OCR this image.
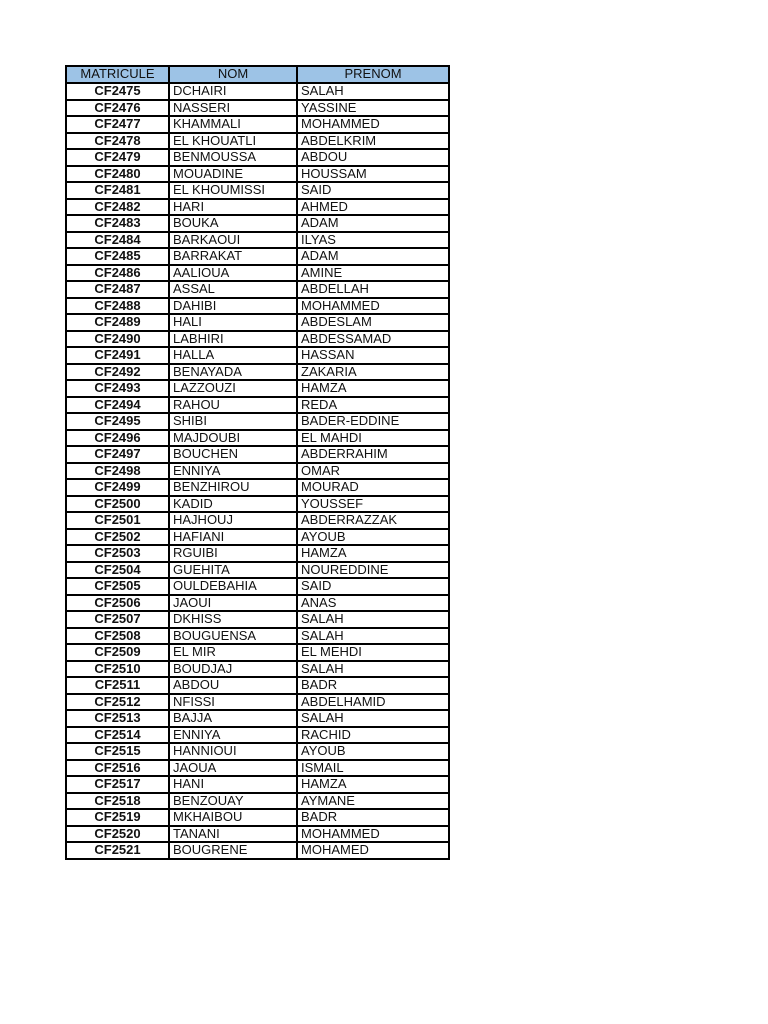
MATRICULE	NOM	PRENOM
CF2475	DCHAIRI	SALAH
CF2476	NASSERI	YASSINE
CF2477	KHAMMALI	MOHAMMED
CF2478	EL KHOUATLI	ABDELKRIM
CF2479	BENMOUSSA	ABDOU
CF2480	MOUADINE	HOUSSAM
CF2481	EL KHOUMISSI	SAID
CF2482	HARI	AHMED
CF2483	BOUKA	ADAM
CF2484	BARKAOUI	ILYAS
CF2485	BARRAKAT	ADAM
CF2486	AALIOUA	AMINE
CF2487	ASSAL	ABDELLAH
CF2488	DAHIBI	MOHAMMED
CF2489	HALI	ABDESLAM
CF2490	LABHIRI	ABDESSAMAD
CF2491	HALLA	HASSAN
CF2492	BENAYADA	ZAKARIA
CF2493	LAZZOUZI	HAMZA
CF2494	RAHOU	REDA
CF2495	SHIBI	BADER-EDDINE
CF2496	MAJDOUBI	EL MAHDI
CF2497	BOUCHEN	ABDERRAHIM
CF2498	ENNIYA	OMAR
CF2499	BENZHIROU	MOURAD
CF2500	KADID	YOUSSEF
CF2501	HAJHOUJ	ABDERRAZZAK
CF2502	HAFIANI	AYOUB
CF2503	RGUIBI	HAMZA
CF2504	GUEHITA	NOUREDDINE
CF2505	OULDEBAHIA	SAID
CF2506	JAOUI	ANAS
CF2507	DKHISS	SALAH
CF2508	BOUGUENSA	SALAH
CF2509	EL MIR	EL MEHDI
CF2510	BOUDJAJ	SALAH
CF2511	ABDOU	BADR
CF2512	NFISSI	ABDELHAMID
CF2513	BAJJA	SALAH
CF2514	ENNIYA	RACHID
CF2515	HANNIOUI	AYOUB
CF2516	JAOUA	ISMAIL
CF2517	HANI	HAMZA
CF2518	BENZOUAY	AYMANE
CF2519	MKHAIBOU	BADR
CF2520	TANANI	MOHAMMED
CF2521	BOUGRENE	MOHAMED
